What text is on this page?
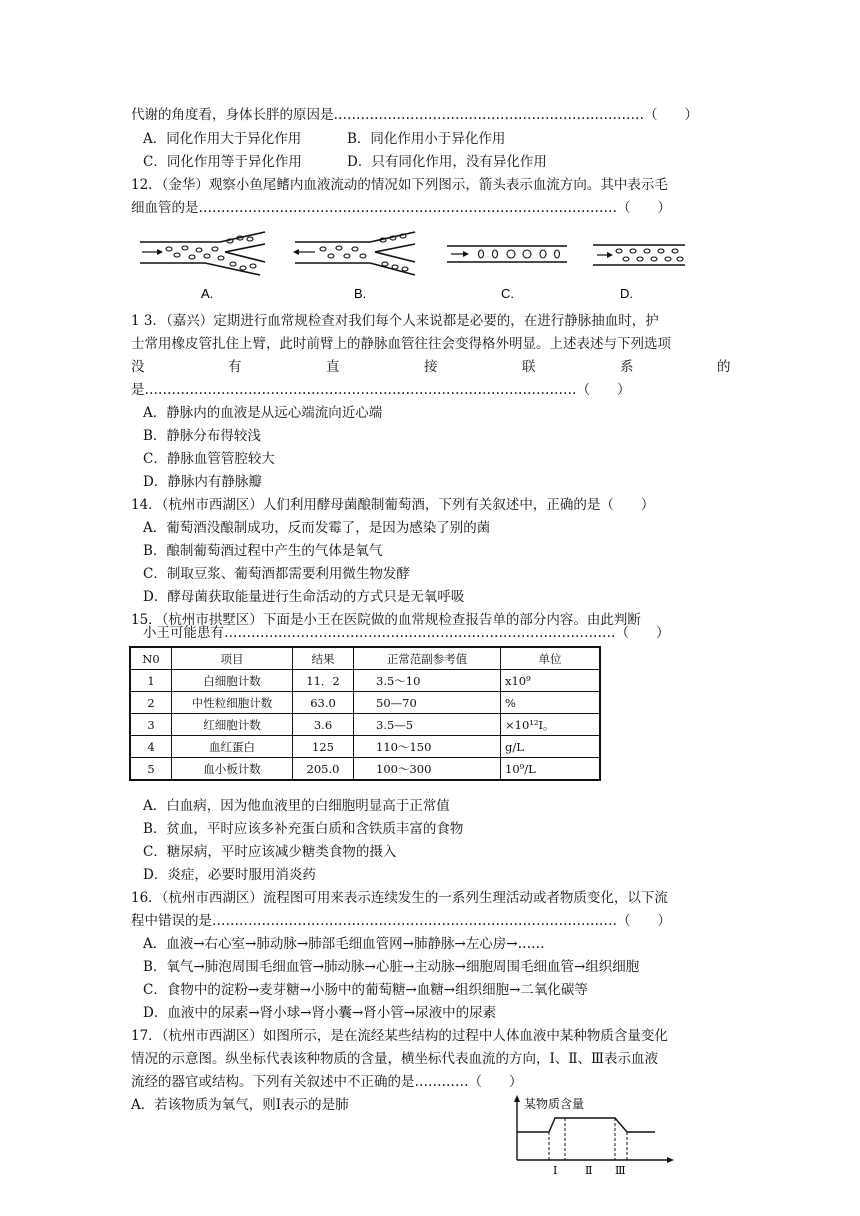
代谢的角度看，身体长胖的原因是……………………………………………………………（　　）
A．同化作用大于异化作用	B．同化作用小于异化作用
C．同化作用等于异化作用	D．只有同化作用，没有异化作用
12．（金华）观察小鱼尾鳍内血液流动的情况如下列图示，箭头表示血流方向。其中表示毛
细血管的是…………………………………………………………………………………（　　）
A.	B.	C.	D.
1 3．（嘉兴）定期进行血常规检查对我们每个人来说都是必要的，在进行静脉抽血时，护
士常用橡皮管扎住上臂，此时前臂上的静脉血管往往会变得格外明显。上述表述与下列选项
没	有	直	接	联	系	的
是……………………………………………………………………………………（　　）
A．静脉内的血液是从远心端流向近心端
B．静脉分布得较浅
C．静脉血管管腔较大
D．静脉内有静脉瓣
14．（杭州市西湖区）人们利用酵母菌酿制葡萄酒，下列有关叙述中，正确的是（　　）
A．葡萄酒没酿制成功，反而发霉了，是因为感染了别的菌
B．酿制葡萄酒过程中产生的气体是氧气
C．制取豆浆、葡萄酒都需要利用微生物发酵
D．酵母菌获取能量进行生命活动的方式只是无氧呼吸
15．（杭州市拱墅区）下面是小王在医院做的血常规检查报告单的部分内容。由此判断
小王可能患有……………………………………………………………………………（　　）
N0	项目	结果	正常范副参考值	单位
1	白细胞计数	11．2	3.5～10	x10⁹
2	中性粒细胞计数	63.0	50—70	%
3	红细胞计数	3.6	3.5—5	×10¹²I。
4	血红蛋白	125	110～150	g/L
5	血小板计数	205.0	100～300	10⁹/L
A．白血病，因为他血液里的白细胞明显高于正常值
B．贫血，平时应该多补充蛋白质和含铁质丰富的食物
C．糖尿病，平时应该减少糖类食物的摄入
D．炎症，必要时服用消炎药
16．（杭州市西湖区）流程图可用来表示连续发生的一系列生理活动或者物质变化，以下流
程中错误的是………………………………………………………………………………（　　）
A．血液→右心室→肺动脉→肺部毛细血管网→肺静脉→左心房→……
B．氧气→肺泡周围毛细血管→肺动脉→心脏→主动脉→细胞周围毛细血管→组织细胞
C．食物中的淀粉→麦芽糖→小肠中的葡萄糖→血糖→组织细胞→二氧化碳等
D．血液中的尿素→肾小球→肾小囊→肾小管→尿液中的尿素
17．（杭州市西湖区）如图所示，是在流经某些结构的过程中人体血液中某种物质含量变化
情况的示意图。纵坐标代表该种物质的含量，横坐标代表血流的方向，Ⅰ、Ⅱ、Ⅲ表示血液
流经的器官或结构。下列有关叙述中不正确的是…………（　　）
A．若该物质为氧气，则Ⅰ表示的是肺	某物质含量
Ⅰ	Ⅱ Ⅲ
